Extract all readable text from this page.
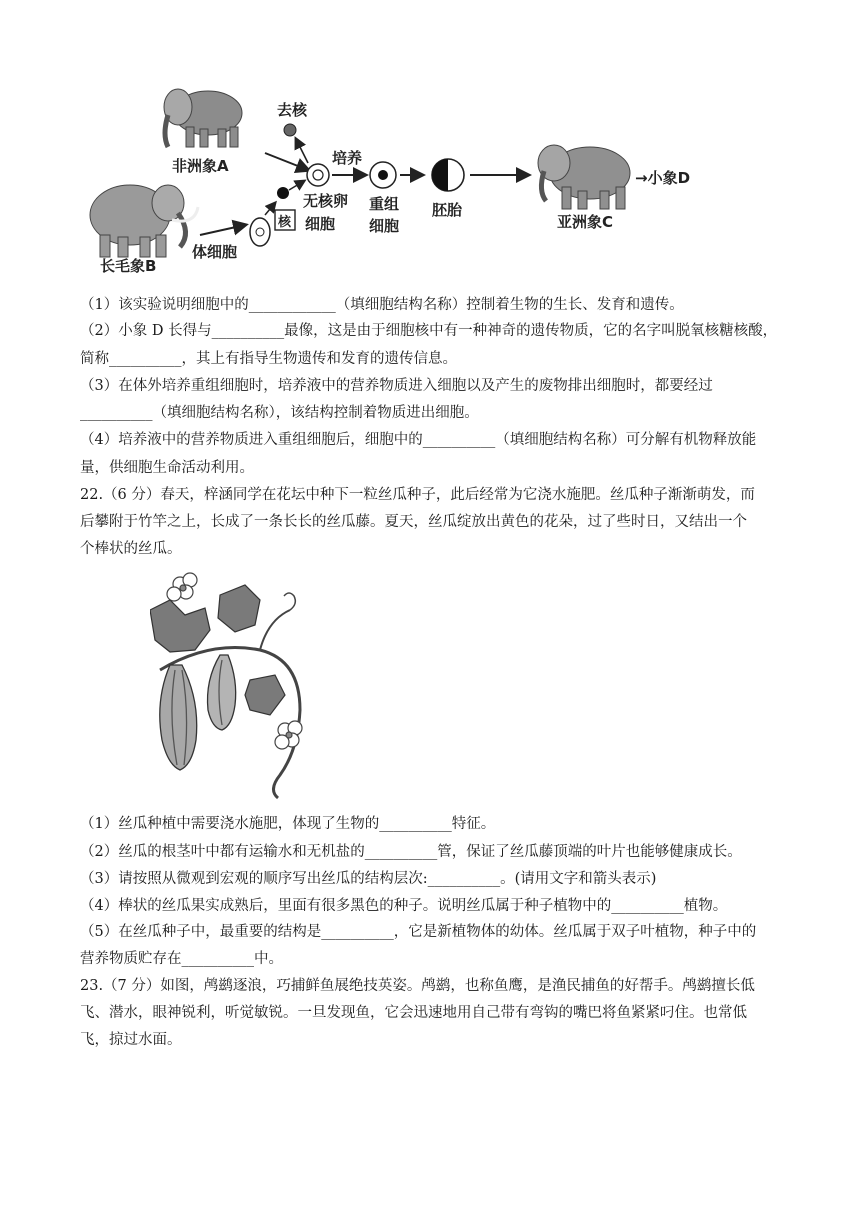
去核
非洲象A	培养
无核卵
细胞
重组
细胞
胚胎
亚洲象C
→小象D
核
体细胞
长毛象B
（1）该实验说明细胞中的____________（填细胞结构名称）控制着生物的生长、发育和遗传。
（2）小象 D 长得与__________最像，这是由于细胞核中有一种神奇的遗传物质，它的名字叫脱氧核糖核酸，
简称__________，其上有指导生物遗传和发育的遗传信息。
（3）在体外培养重组细胞时，培养液中的营养物质进入细胞以及产生的废物排出细胞时，都要经过
__________（填细胞结构名称），该结构控制着物质进出细胞。
（4）培养液中的营养物质进入重组细胞后，细胞中的__________（填细胞结构名称）可分解有机物释放能
量，供细胞生命活动利用。
22.（6 分）春天，梓涵同学在花坛中种下一粒丝瓜种子，此后经常为它浇水施肥。丝瓜种子渐渐萌发，而
后攀附于竹竿之上，长成了一条长长的丝瓜藤。夏天，丝瓜绽放出黄色的花朵，过了些时日，又结出一个
个棒状的丝瓜。
（1）丝瓜种植中需要浇水施肥，体现了生物的__________特征。
（2）丝瓜的根茎叶中都有运输水和无机盐的__________管，保证了丝瓜藤顶端的叶片也能够健康成长。
（3）请按照从微观到宏观的顺序写出丝瓜的结构层次:__________。(请用文字和箭头表示)
（4）棒状的丝瓜果实成熟后，里面有很多黑色的种子。说明丝瓜属于种子植物中的__________植物。
（5）在丝瓜种子中，最重要的结构是__________，它是新植物体的幼体。丝瓜属于双子叶植物，种子中的
营养物质贮存在__________中。
23.（7 分）如图，鸬鹚逐浪，巧捕鲜鱼展绝技英姿。鸬鹚，也称鱼鹰，是渔民捕鱼的好帮手。鸬鹚擅长低
飞、潜水，眼神锐利，听觉敏锐。一旦发现鱼，它会迅速地用自己带有弯钩的嘴巴将鱼紧紧叼住。也常低
飞，掠过水面。
